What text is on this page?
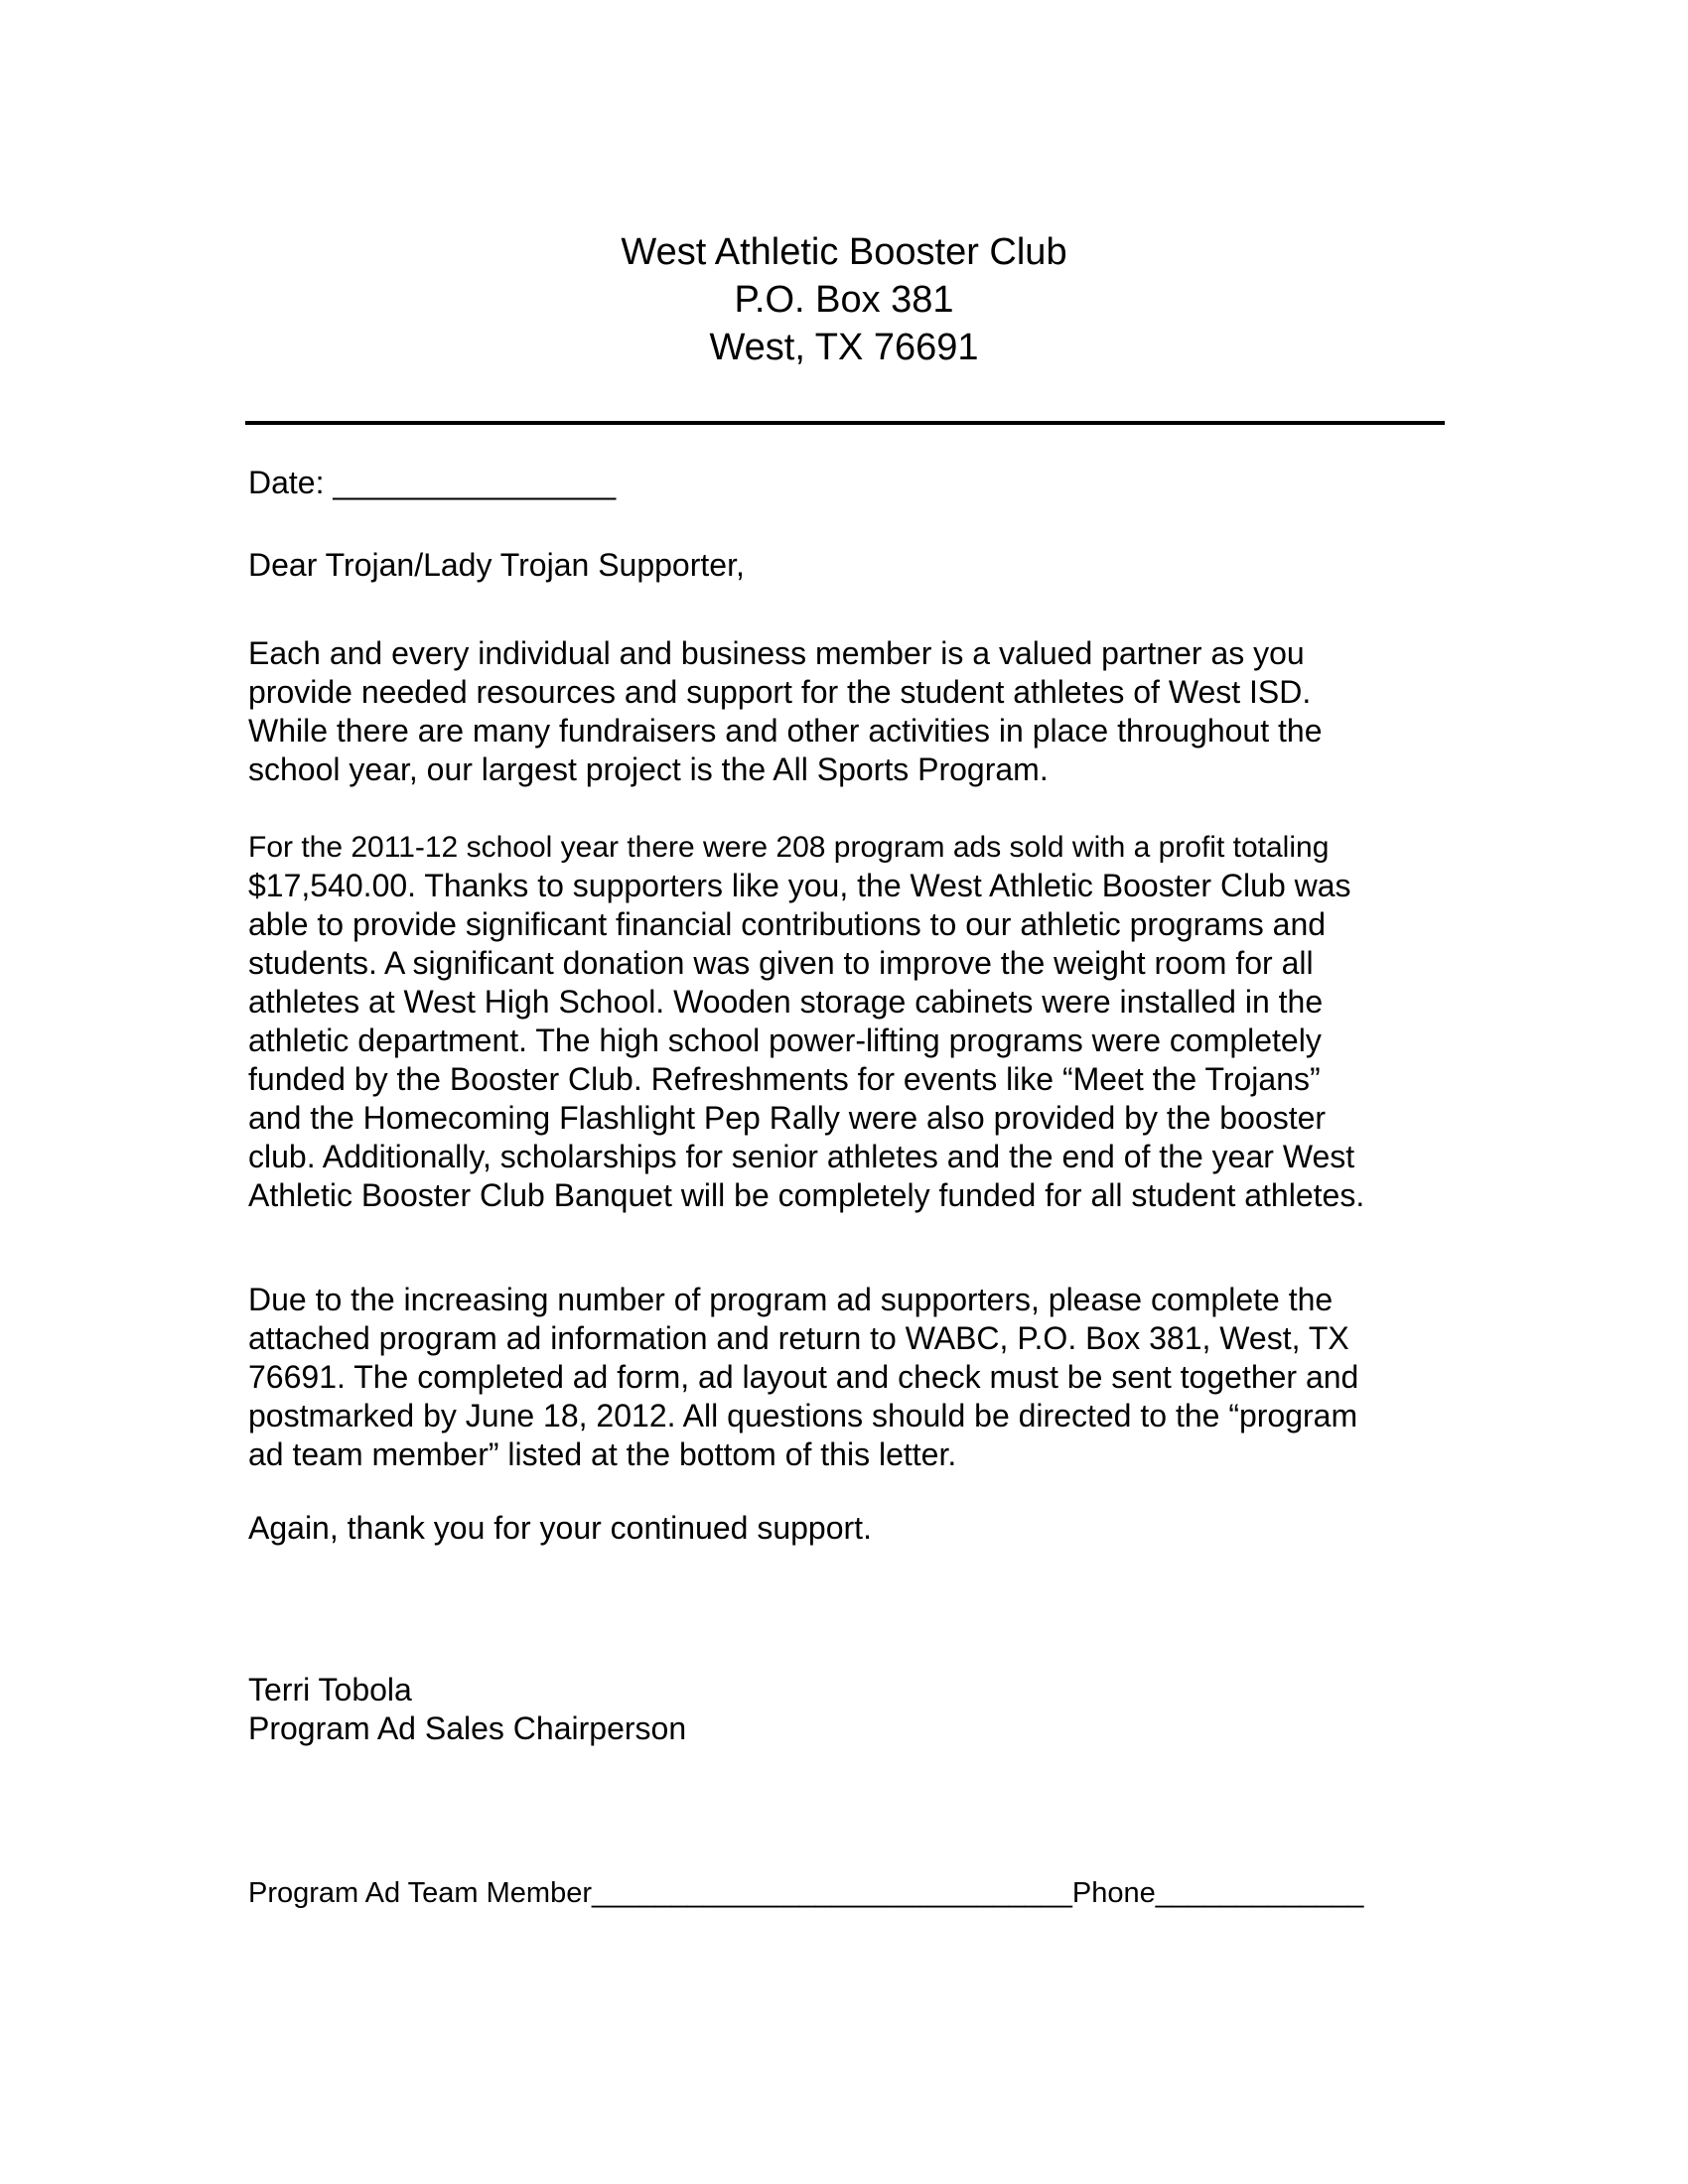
West Athletic Booster Club
P.O. Box 381
West, TX 76691
Date: ________________
Dear Trojan/Lady Trojan Supporter,
Each and every individual and business member is a valued partner as you
provide needed resources and support for the student athletes of West ISD.
While there are many fundraisers and other activities in place throughout the
school year, our largest project is the All Sports Program.
For the 2011-12 school year there were 208 program ads sold with a profit totaling
$17,540.00. Thanks to supporters like you, the West Athletic Booster Club was
able to provide significant financial contributions to our athletic programs and
students. A significant donation was given to improve the weight room for all
athletes at West High School. Wooden storage cabinets were installed in the
athletic department. The high school power-lifting programs were completely
funded by the Booster Club. Refreshments for events like “Meet the Trojans”
and the Homecoming Flashlight Pep Rally were also provided by the booster
club. Additionally, scholarships for senior athletes and the end of the year West
Athletic Booster Club Banquet will be completely funded for all student athletes.
Due to the increasing number of program ad supporters, please complete the
attached program ad information and return to WABC, P.O. Box 381, West, TX
76691. The completed ad form, ad layout and check must be sent together and
postmarked by June 18, 2012. All questions should be directed to the “program
ad team member” listed at the bottom of this letter.
Again, thank you for your continued support.
Terri Tobola
Program Ad Sales Chairperson
Program Ad Team Member______________________________Phone_____________
